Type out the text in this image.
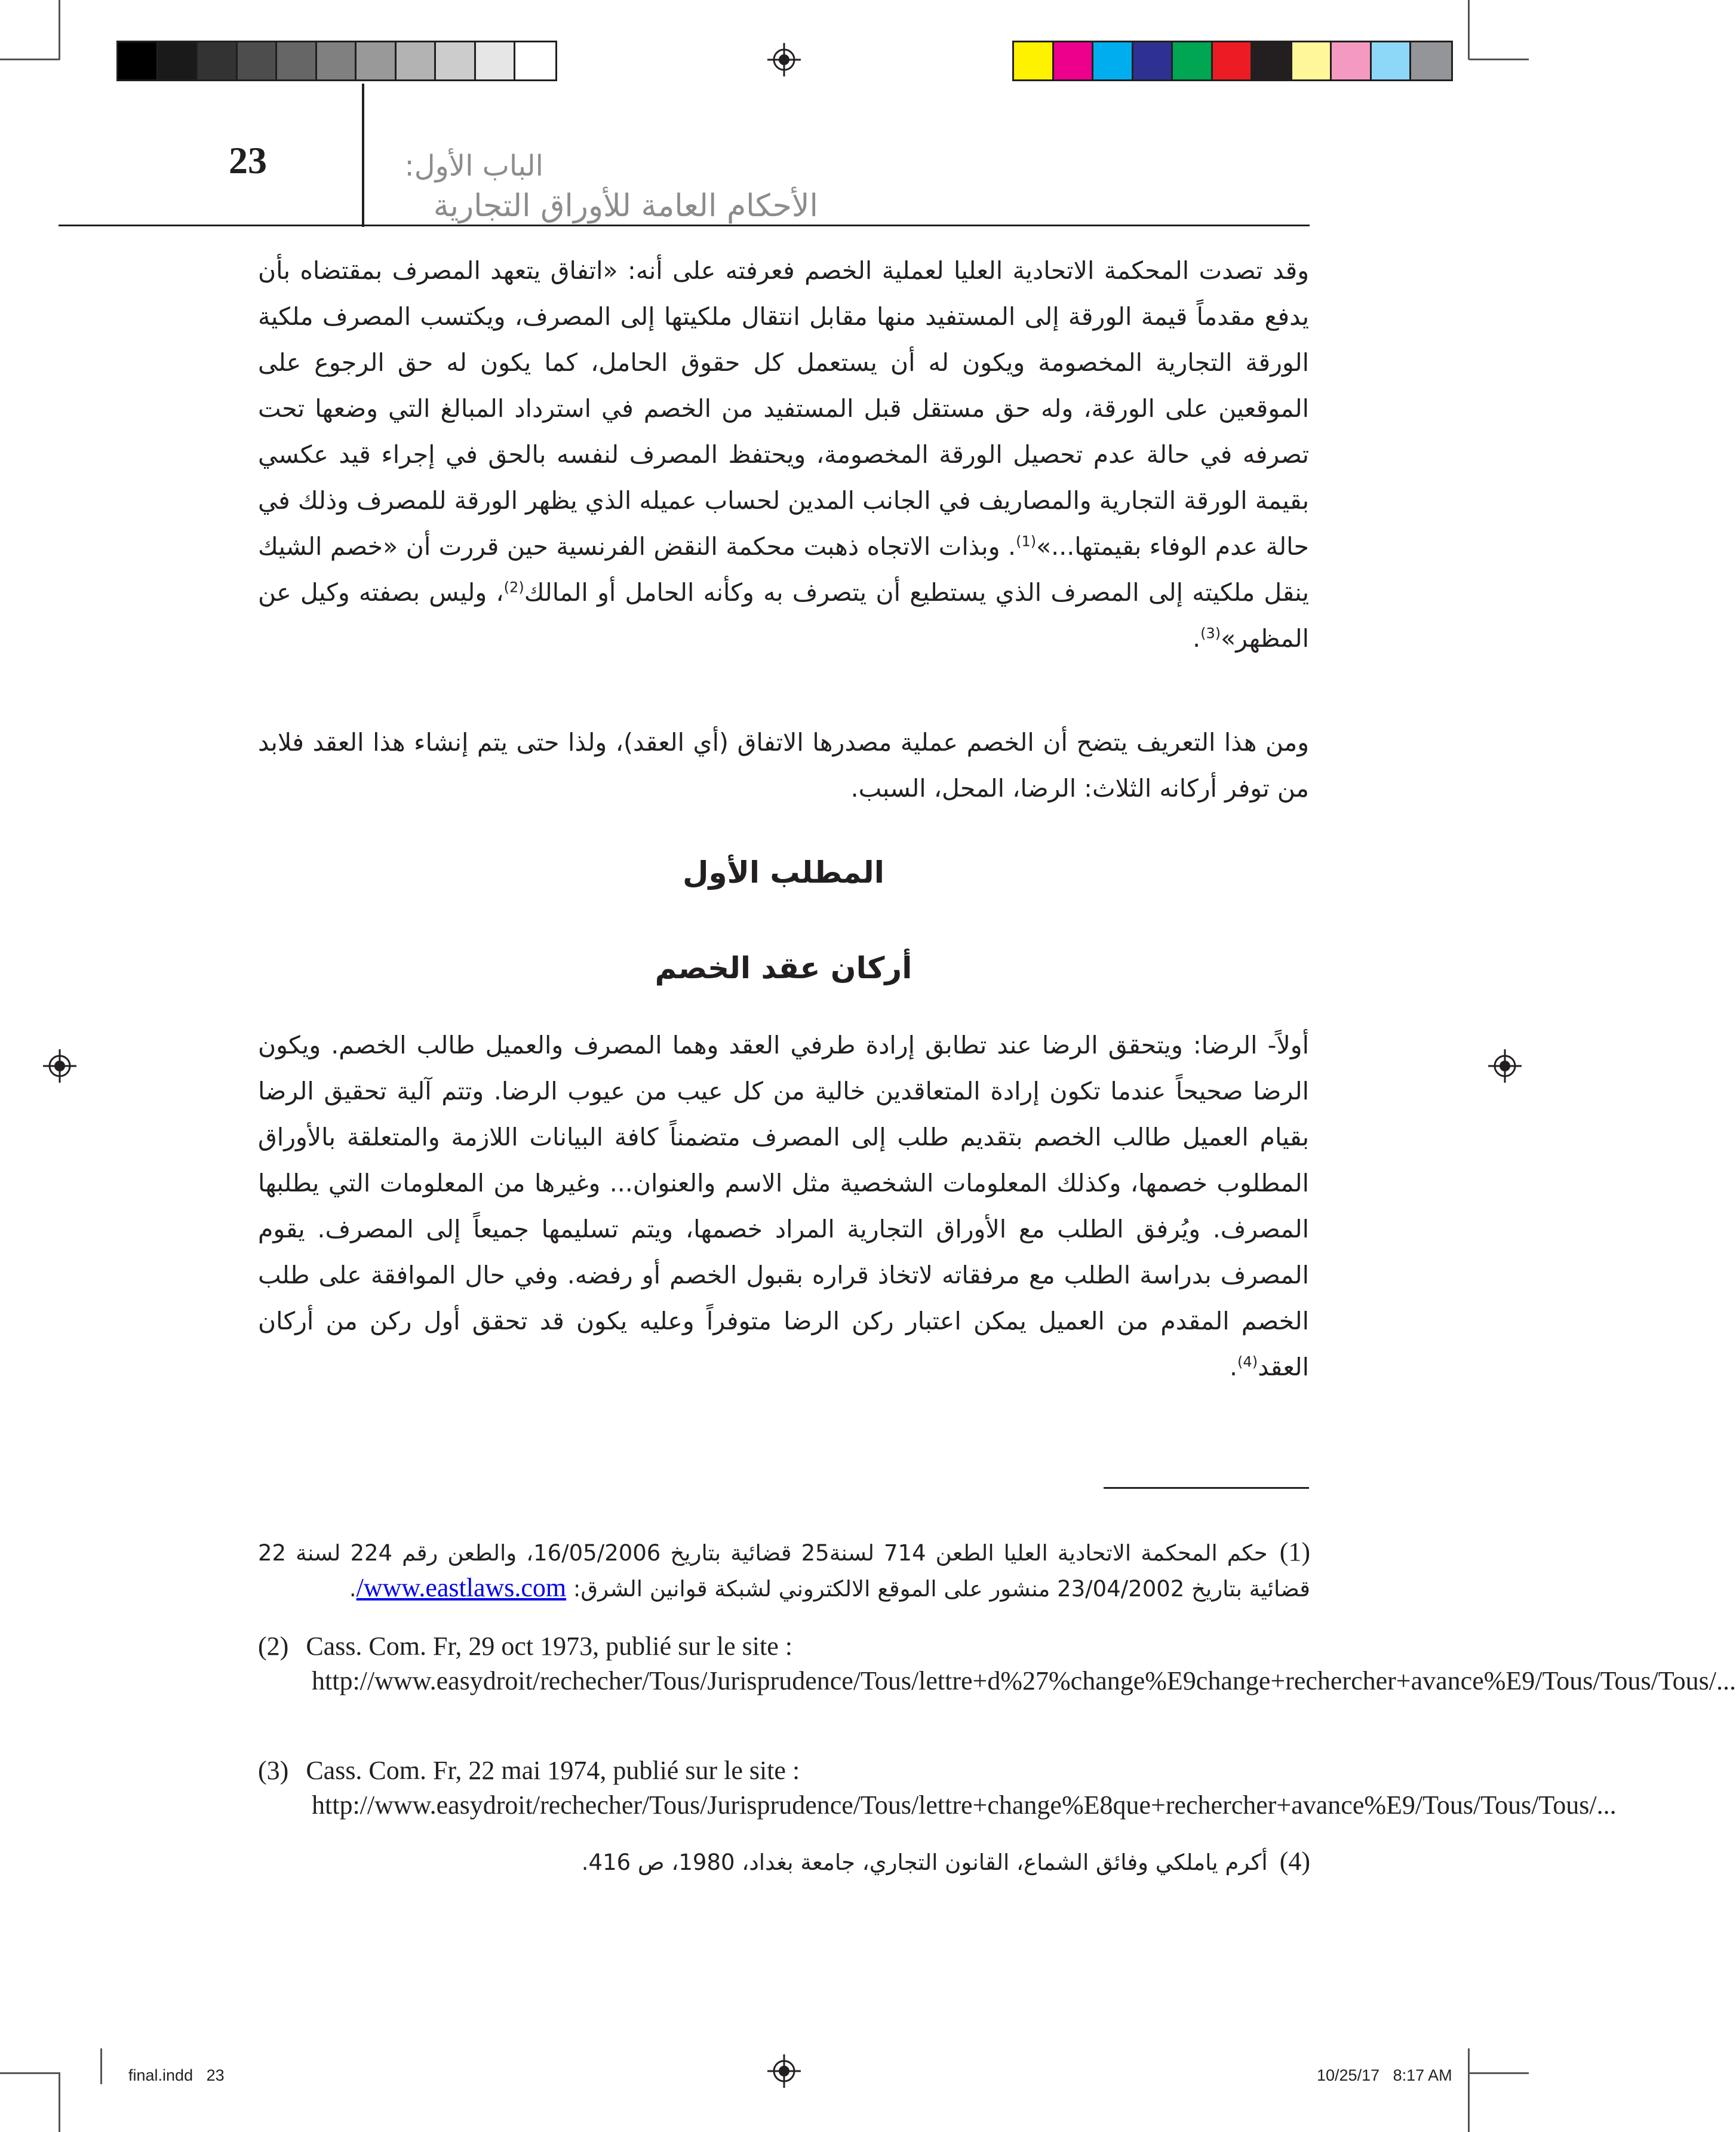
23	الباب الأول:
الأحكام العامة للأوراق التجارية

وقد تصدت المحكمة الاتحادية العليا لعملية الخصم فعرفته على أنه: «اتفاق يتعهد المصرف بمقتضاه بأن يدفع مقدماً قيمة الورقة إلى المستفيد منها مقابل انتقال ملكيتها إلى المصرف، ويكتسب المصرف ملكية الورقة التجارية المخصومة ويكون له أن يستعمل كل حقوق الحامل، كما يكون له حق الرجوع على الموقعين على الورقة، وله حق مستقل قبل المستفيد من الخصم في استرداد المبالغ التي وضعها تحت تصرفه في حالة عدم تحصيل الورقة المخصومة، ويحتفظ المصرف لنفسه بالحق في إجراء قيد عكسي بقيمة الورقة التجارية والمصاريف في الجانب المدين لحساب عميله الذي يظهر الورقة للمصرف وذلك في حالة عدم الوفاء بقيمتها...»$^{(1)}$. وبذات الاتجاه ذهبت محكمة النقض الفرنسية حين قررت أن «خصم الشيك ينقل ملكيته إلى المصرف الذي يستطيع أن يتصرف به وكأنه الحامل أو المالك$^{(2)}$، وليس بصفته وكيل عن المظهر»$^{(3)}$.

ومن هذا التعريف يتضح أن الخصم عملية مصدرها الاتفاق (أي العقد)، ولذا حتى يتم إنشاء هذا العقد فلابد من توفر أركانه الثلاث: الرضا، المحل، السبب.

المطلب الأول
أركان عقد الخصم

أولاً- الرضا: ويتحقق الرضا عند تطابق إرادة طرفي العقد وهما المصرف والعميل طالب الخصم. ويكون الرضا صحيحاً عندما تكون إرادة المتعاقدين خالية من كل عيب من عيوب الرضا. وتتم آلية تحقيق الرضا بقيام العميل طالب الخصم بتقديم طلب إلى المصرف متضمناً كافة البيانات اللازمة والمتعلقة بالأوراق المطلوب خصمها، وكذلك المعلومات الشخصية مثل الاسم والعنوان... وغيرها من المعلومات التي يطلبها المصرف. ويُرفق الطلب مع الأوراق التجارية المراد خصمها، ويتم تسليمها جميعاً إلى المصرف. يقوم المصرف بدراسة الطلب مع مرفقاته لاتخاذ قراره بقبول الخصم أو رفضه. وفي حال الموافقة على طلب الخصم المقدم من العميل يمكن اعتبار ركن الرضا متوفراً وعليه يكون قد تحقق أول ركن من أركان العقد$^{(4)}$.

(1)حكم المحكمة الاتحادية العليا الطعن 714 لسنة25 قضائية بتاريخ 16/05/2006، والطعن رقم 224 لسنة 22 قضائية بتاريخ 23/04/2002 منشور على الموقع الالكتروني لشبكة قوانين الشرق: www.eastlaws.com/.

(2) Cass. Com. Fr, 29 oct 1973, publié sur le site : http://www.easydroit/rechecher/Tous/Jurisprudence/Tous/lettre+d%27%change%E9change+rechercher+avance%E9/Tous/Tous/Tous/...

(3) Cass. Com. Fr, 22 mai 1974, publié sur le site : http://www.easydroit/rechecher/Tous/Jurisprudence/Tous/lettre+change%E8que+rechercher+avance%E9/Tous/Tous/Tous/...

(4)أكرم ياملكي وفائق الشماع، القانون التجاري، جامعة بغداد، 1980، ص 416.

final.indd   23	10/25/17   8:17 AM
